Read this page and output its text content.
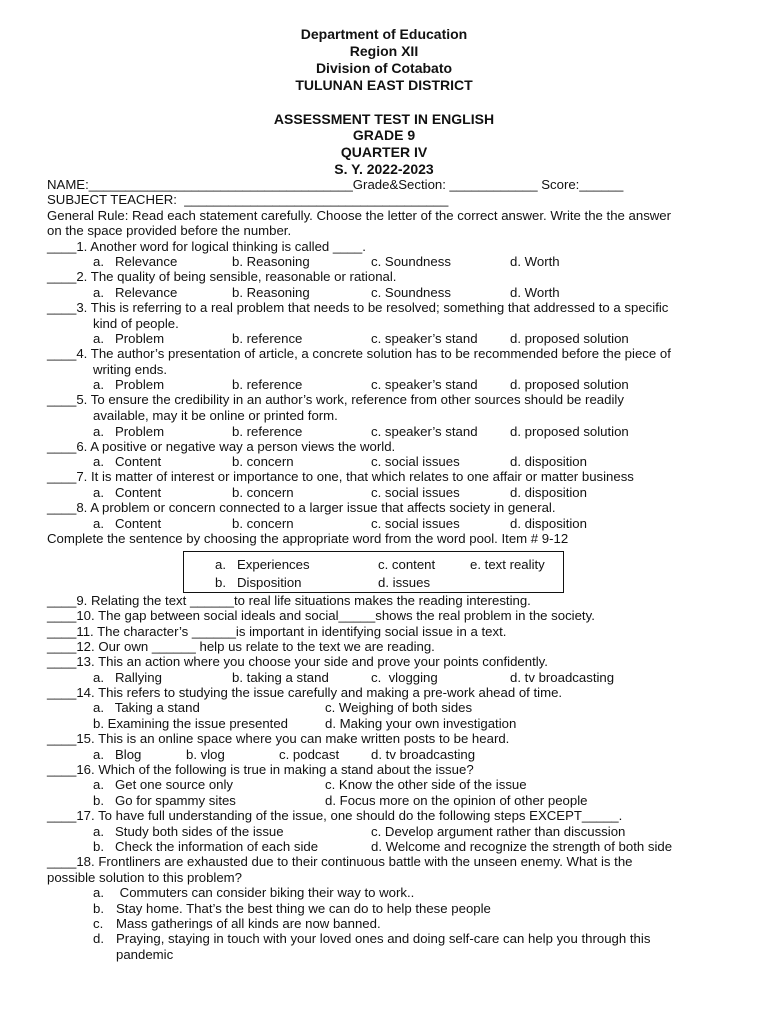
Department of Education
Region XII
Division of Cotabato
TULUNAN EAST DISTRICT
ASSESSMENT TEST IN ENGLISH
GRADE 9
QUARTER IV
S. Y. 2022-2023
NAME:____________________________________Grade&Section: ____________ Score:______
SUBJECT TEACHER:  ____________________________________
General Rule: Read each statement carefully. Choose the letter of the correct answer. Write the the answer
on the space provided before the number.
____1. Another word for logical thinking is called ____.
a.   Relevance	b. Reasoning	c. Soundness	d. Worth
____2. The quality of being sensible, reasonable or rational.
a.   Relevance	b. Reasoning	c. Soundness	d. Worth
____3. This is referring to a real problem that needs to be resolved; something that addressed to a specific
kind of people.
a.   Problem	b. reference	c. speaker’s stand d. proposed solution
____4. The author’s presentation of article, a concrete solution has to be recommended before the piece of
writing ends.
a.   Problem	b. reference	c. speaker’s stand d. proposed solution
____5. To ensure the credibility in an author’s work, reference from other sources should be readily
available, may it be online or printed form.
a.   Problem	b. reference	c. speaker’s stand d. proposed solution
____6. A positive or negative way a person views the world.
a.   Content	b. concern	c. social issues	d. disposition
____7. It is matter of interest or importance to one, that which relates to one affair or matter business
a.   Content	b. concern	c. social issues	d. disposition
____8. A problem or concern connected to a larger issue that affects society in general.
a.   Content	b. concern	c. social issues	d. disposition
Complete the sentence by choosing the appropriate word from the word pool. Item # 9-12
a.   Experiences	c. content	e. text reality
b.   Disposition	d. issues
____9. Relating the text ______to real life situations makes the reading interesting.
____10. The gap between social ideals and social_____shows the real problem in the society.
____11. The character’s ______is important in identifying social issue in a text.
____12. Our own ______ help us relate to the text we are reading.
____13. This an action where you choose your side and prove your points confidently.
a.   Rallying	b. taking a stand	c.  vlogging	d. tv broadcasting
____14. This refers to studying the issue carefully and making a pre-work ahead of time.
a.   Taking a stand	c. Weighing of both sides
b. Examining the issue presented	d. Making your own investigation
____15. This is an online space where you can make written posts to be heard.
a.   Blog	b. vlog	c. podcast d. tv broadcasting
____16. Which of the following is true in making a stand about the issue?
a.   Get one source only	c. Know the other side of the issue
b.   Go for spammy sites	d. Focus more on the opinion of other people
____17. To have full understanding of the issue, one should do the following steps EXCEPT_____.
a.   Study both sides of the issue	c. Develop argument rather than discussion
b.   Check the information of each side	d. Welcome and recognize the strength of both side
____18. Frontliners are exhausted due to their continuous battle with the unseen enemy. What is the
possible solution to this problem?
a. Commuters can consider biking their way to work..
b. Stay home. That’s the best thing we can do to help these people
c. Mass gatherings of all kinds are now banned.
d. Praying, staying in touch with your loved ones and doing self-care can help you through this
pandemic
